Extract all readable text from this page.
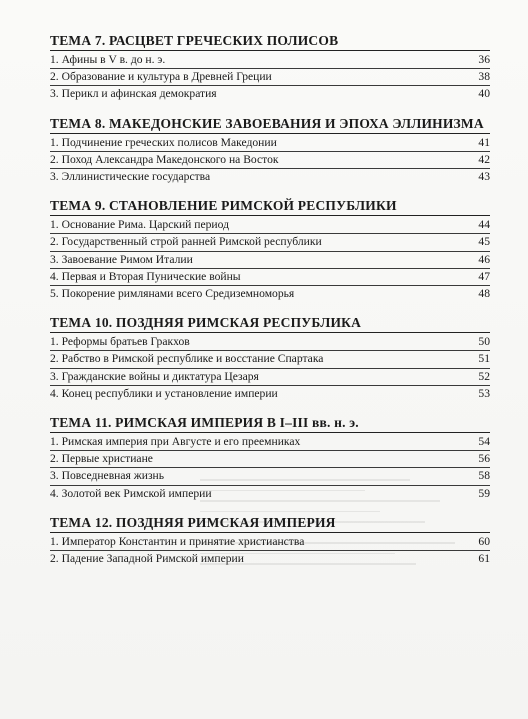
ТЕМА 7. РАСЦВЕТ ГРЕЧЕСКИХ ПОЛИСОВ
1. Афины в V в. до н. э.	36
2. Образование и культура в Древней Греции	38
3. Перикл и афинская демократия	40
ТЕМА 8. МАКЕДОНСКИЕ ЗАВОЕВАНИЯ И ЭПОХА ЭЛЛИНИЗМА
1. Подчинение греческих полисов Македонии	41
2. Поход Александра Македонского на Восток	42
3. Эллинистические государства	43
ТЕМА 9. СТАНОВЛЕНИЕ РИМСКОЙ РЕСПУБЛИКИ
1. Основание Рима. Царский период	44
2. Государственный строй ранней Римской республики	45
3. Завоевание Римом Италии	46
4. Первая и Вторая Пунические войны	47
5. Покорение римлянами всего Средиземноморья	48
ТЕМА 10. ПОЗДНЯЯ РИМСКАЯ РЕСПУБЛИКА
1. Реформы братьев Гракхов	50
2. Рабство в Римской республике и восстание Спартака	51
3. Гражданские войны и диктатура Цезаря	52
4. Конец республики и установление империи	53
ТЕМА 11. РИМСКАЯ ИМПЕРИЯ В I–III вв. н. э.
1. Римская империя при Августе и его преемниках	54
2. Первые христиане	56
3. Повседневная жизнь	58
4. Золотой век Римской империи	59
ТЕМА 12. ПОЗДНЯЯ РИМСКАЯ ИМПЕРИЯ
1. Император Константин и принятие христианства	60
2. Падение Западной Римской империи	61
